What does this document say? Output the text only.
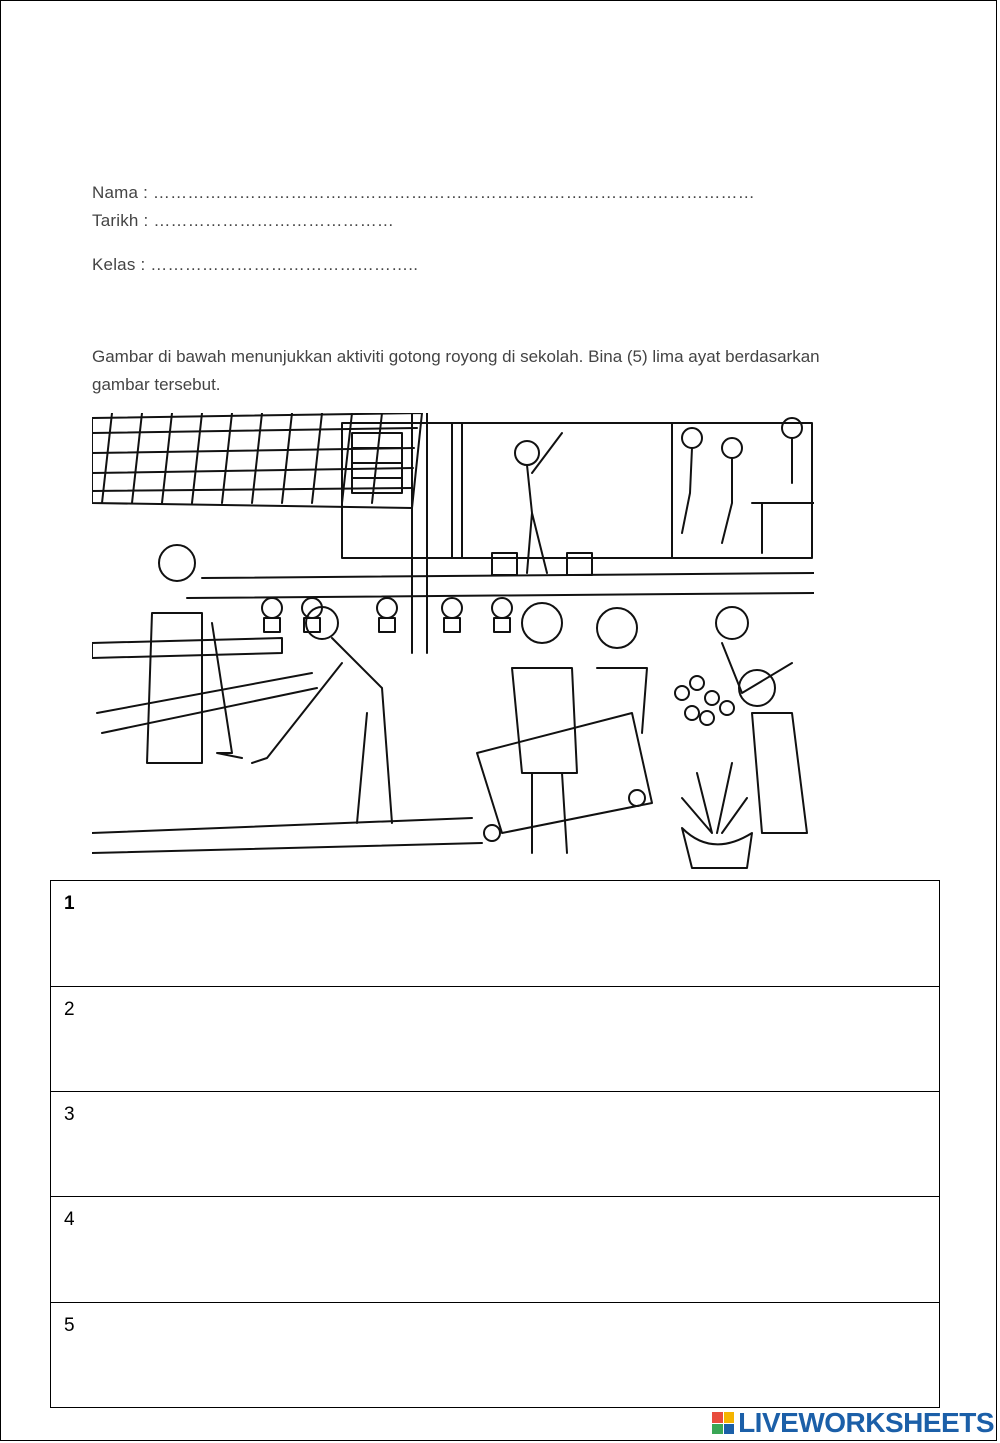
Nama : ……………………………………………………………………………………………
Tarikh : ……………………………………
Kelas : ………………………………………..
Gambar di bawah menunjukkan aktiviti gotong royong di sekolah. Bina (5) lima ayat berdasarkan gambar tersebut.
1
2
3
4
5
LIVEWORKSHEETS
